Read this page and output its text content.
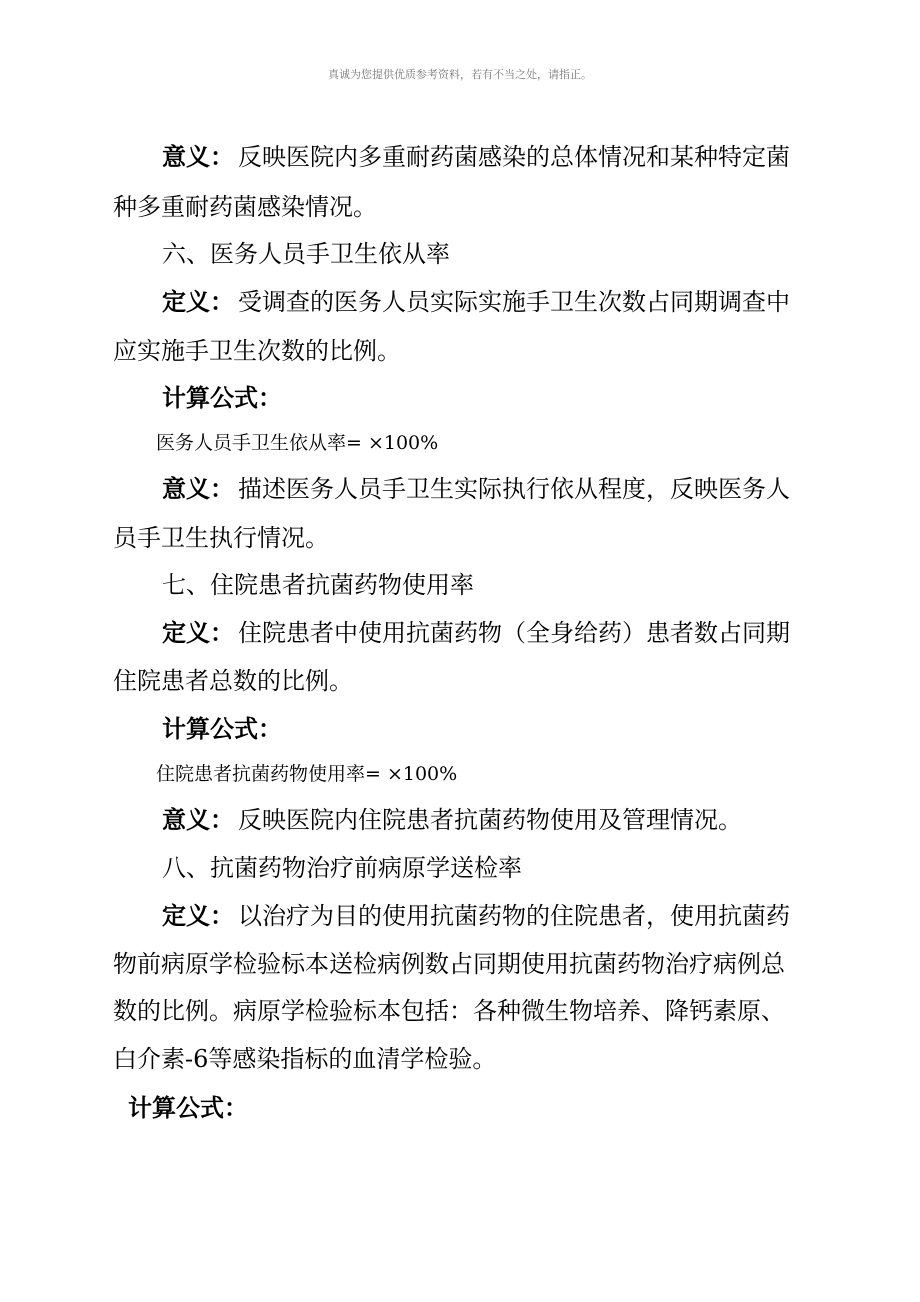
真诚为您提供优质参考资料，若有不当之处，请指正。
意义： 反映医院内多重耐药菌感染的总体情况和某种特定菌
种多重耐药菌感染情况。
六、医务人员手卫生依从率
定义： 受调查的医务人员实际实施手卫生次数占同期调查中
应实施手卫生次数的比例。
计算公式：
医务人员手卫生依从率= ×100%
意义： 描述医务人员手卫生实际执行依从程度，反映医务人
员手卫生执行情况。
七、住院患者抗菌药物使用率
定义： 住院患者中使用抗菌药物（全身给药）患者数占同期
住院患者总数的比例。
计算公式：
住院患者抗菌药物使用率= ×100%
意义： 反映医院内住院患者抗菌药物使用及管理情况。
八、抗菌药物治疗前病原学送检率
定义： 以治疗为目的使用抗菌药物的住院患者，使用抗菌药
物前病原学检验标本送检病例数占同期使用抗菌药物治疗病例总
数的比例。病原学检验标本包括：各种微生物培养、降钙素原、
白介素-6等感染指标的血清学检验。
计算公式：
